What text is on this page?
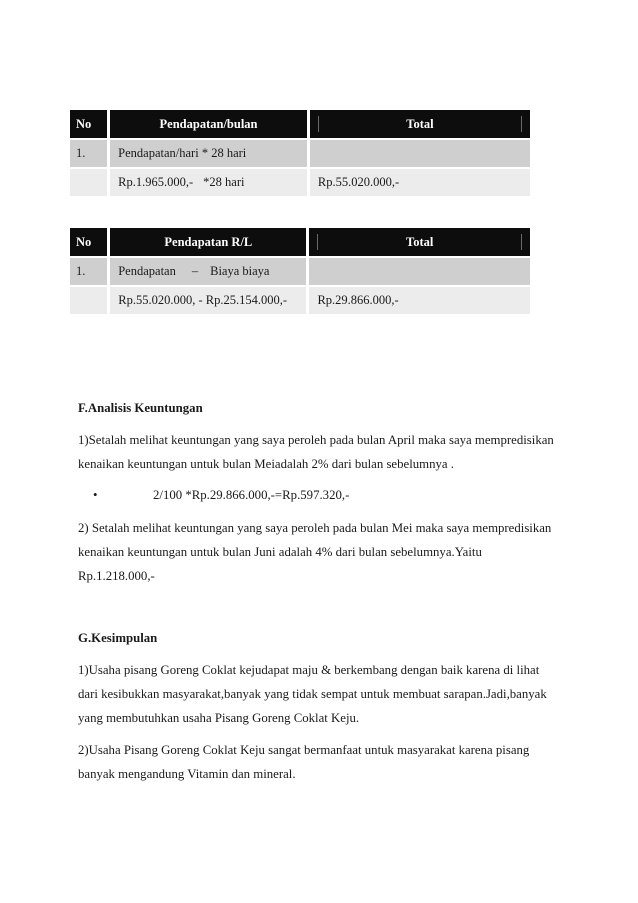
No	Pendapatan/bulan	Total

1.	Pendapatan/hari * 28 hari	

	Rp.1.965.000,- *28 hari	Rp.55.020.000,-
No	Pendapatan R/L	Total

1.	Pendapatan – Biaya biaya	

	Rp.55.020.000, - Rp.25.154.000,-	Rp.29.866.000,-

F.Analisis Keuntungan

1)Setalah melihat keuntungan yang saya peroleh pada bulan April maka saya mempredisikan

kenaikan keuntungan untuk bulan Meiadalah 2% dari bulan sebelumnya .

•	2/100 *Rp.29.866.000,-=Rp.597.320,-

2) Setalah melihat keuntungan yang saya peroleh pada bulan Mei maka saya mempredisikan

kenaikan keuntungan untuk bulan Juni adalah 4% dari bulan sebelumnya.Yaitu

Rp.1.218.000,-

G.Kesimpulan

1)Usaha pisang Goreng Coklat kejudapat maju & berkembang dengan baik karena di lihat

dari kesibukkan masyarakat,banyak yang tidak sempat untuk membuat sarapan.Jadi,banyak

yang membutuhkan usaha Pisang Goreng Coklat Keju.

2)Usaha Pisang Goreng Coklat Keju sangat bermanfaat untuk masyarakat karena pisang

banyak mengandung Vitamin dan mineral.
